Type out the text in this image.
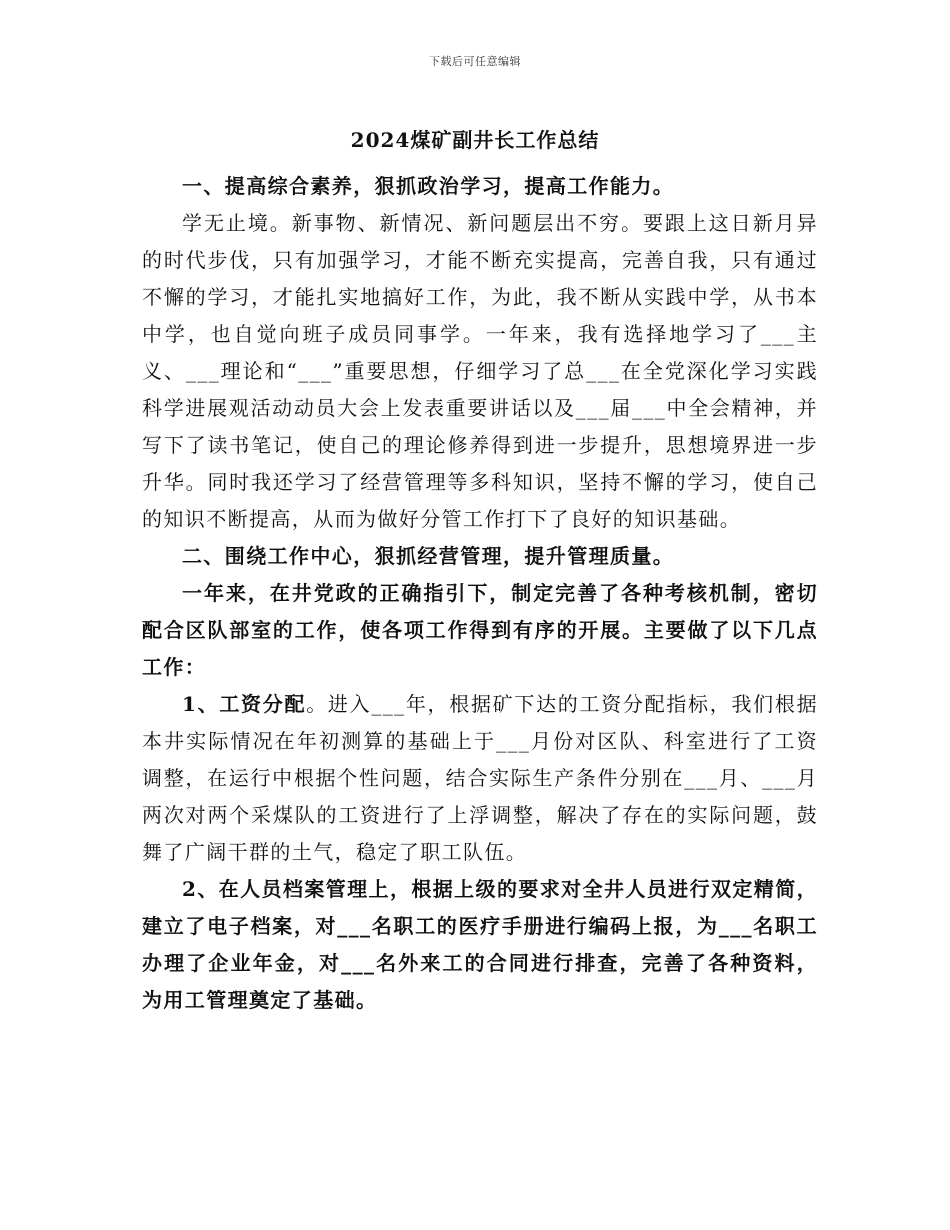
下载后可任意编辑
2024煤矿副井长工作总结

一、提高综合素养，狠抓政治学习，提高工作能力。

学无止境。新事物、新情况、新问题层出不穷。要跟上这日新月异的时代步伐，只有加强学习，才能不断充实提高，完善自我，只有通过不懈的学习，才能扎实地搞好工作，为此，我不断从实践中学，从书本中学，也自觉向班子成员同事学。一年来，我有选择地学习了___主义、___理论和“___”重要思想，仔细学习了总___在全党深化学习实践科学进展观活动动员大会上发表重要讲话以及___届___中全会精神，并写下了读书笔记，使自己的理论修养得到进一步提升，思想境界进一步升华。同时我还学习了经营管理等多科知识，坚持不懈的学习，使自己的知识不断提高，从而为做好分管工作打下了良好的知识基础。

二、围绕工作中心，狠抓经营管理，提升管理质量。

一年来，在井党政的正确指引下，制定完善了各种考核机制，密切配合区队部室的工作，使各项工作得到有序的开展。主要做了以下几点工作：

1、工资分配。进入___年，根据矿下达的工资分配指标，我们根据本井实际情况在年初测算的基础上于___月份对区队、科室进行了工资调整，在运行中根据个性问题，结合实际生产条件分别在___月、___月两次对两个采煤队的工资进行了上浮调整，解决了存在的实际问题，鼓舞了广阔干群的土气，稳定了职工队伍。

2、在人员档案管理上，根据上级的要求对全井人员进行双定精简，建立了电子档案，对___名职工的医疗手册进行编码上报，为___名职工办理了企业年金，对___名外来工的合同进行排查，完善了各种资料，为用工管理奠定了基础。
